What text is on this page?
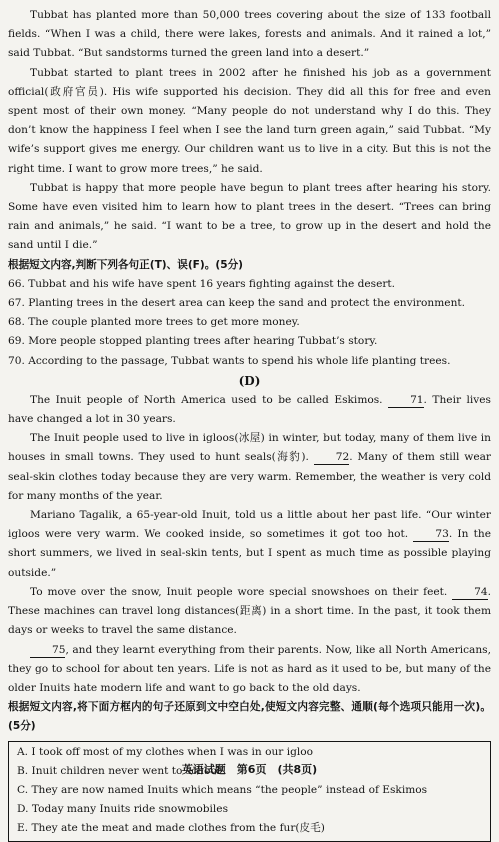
Tubbat has planted more than 50,000 trees covering about the size of 133 football fields. “When I was a child, there were lakes, forests and animals. And it rained a lot,” said Tubbat. “But sandstorms turned the green land into a desert.”

Tubbat started to plant trees in 2002 after he finished his job as a government official(政府官员). His wife supported his decision. They did all this for free and even spent most of their own money. “Many people do not understand why I do this. They don’t know the happiness I feel when I see the land turn green again,” said Tubbat. “My wife’s support gives me energy. Our children want us to live in a city. But this is not the right time. I want to grow more trees,” he said.

Tubbat is happy that more people have begun to plant trees after hearing his story. Some have even visited him to learn how to plant trees in the desert. “Trees can bring rain and animals,” he said. “I want to be a tree, to grow up in the desert and hold the sand until I die.”

根据短文内容,判断下列各句正(T)、误(F)。(5分)

66. Tubbat and his wife have spent 16 years fighting against the desert.

67. Planting trees in the desert area can keep the sand and protect the environment.

68. The couple planted more trees to get more money.

69. More people stopped planting trees after hearing Tubbat’s story.

70. According to the passage, Tubbat wants to spend his whole life planting trees.

(D)

The Inuit people of North America used to be called Eskimos.	71. Their lives have changed a lot in 30 years.

The Inuit people used to live in igloos(冰屋) in winter, but today, many of them live in houses in small towns. They used to hunt seals(海豹).	72. Many of them still wear seal-skin clothes today because they are very warm. Remember, the weather is very cold for many months of the year.

Mariano Tagalik, a 65-year-old Inuit, told us a little about her past life. “Our winter igloos were very warm. We cooked inside, so sometimes it got too hot.	73. In the short summers, we lived in seal-skin tents, but I spent as much time as possible playing outside.”

To move over the snow, Inuit people wore special snowshoes on their feet.	74. These machines can travel long distances(距离) in a short time. In the past, it took them days or weeks to travel the same distance.

75, and they learnt everything from their parents. Now, like all North Americans, they go to school for about ten years. Life is not as hard as it used to be, but many of the older Inuits hate modern life and want to go back to the old days.

根据短文内容,将下面方框内的句子还原到文中空白处,使短文内容完整、通顺(每个选项只能用一次)。(5分)

A. I took off most of my clothes when I was in our igloo

B. Inuit children never went to school

C. They are now named Inuits which means “the people” instead of Eskimos

D. Today many Inuits ride snowmobiles

E. They ate the meat and made clothes from the fur(皮毛)

英语试题　第6页　(共8页)
